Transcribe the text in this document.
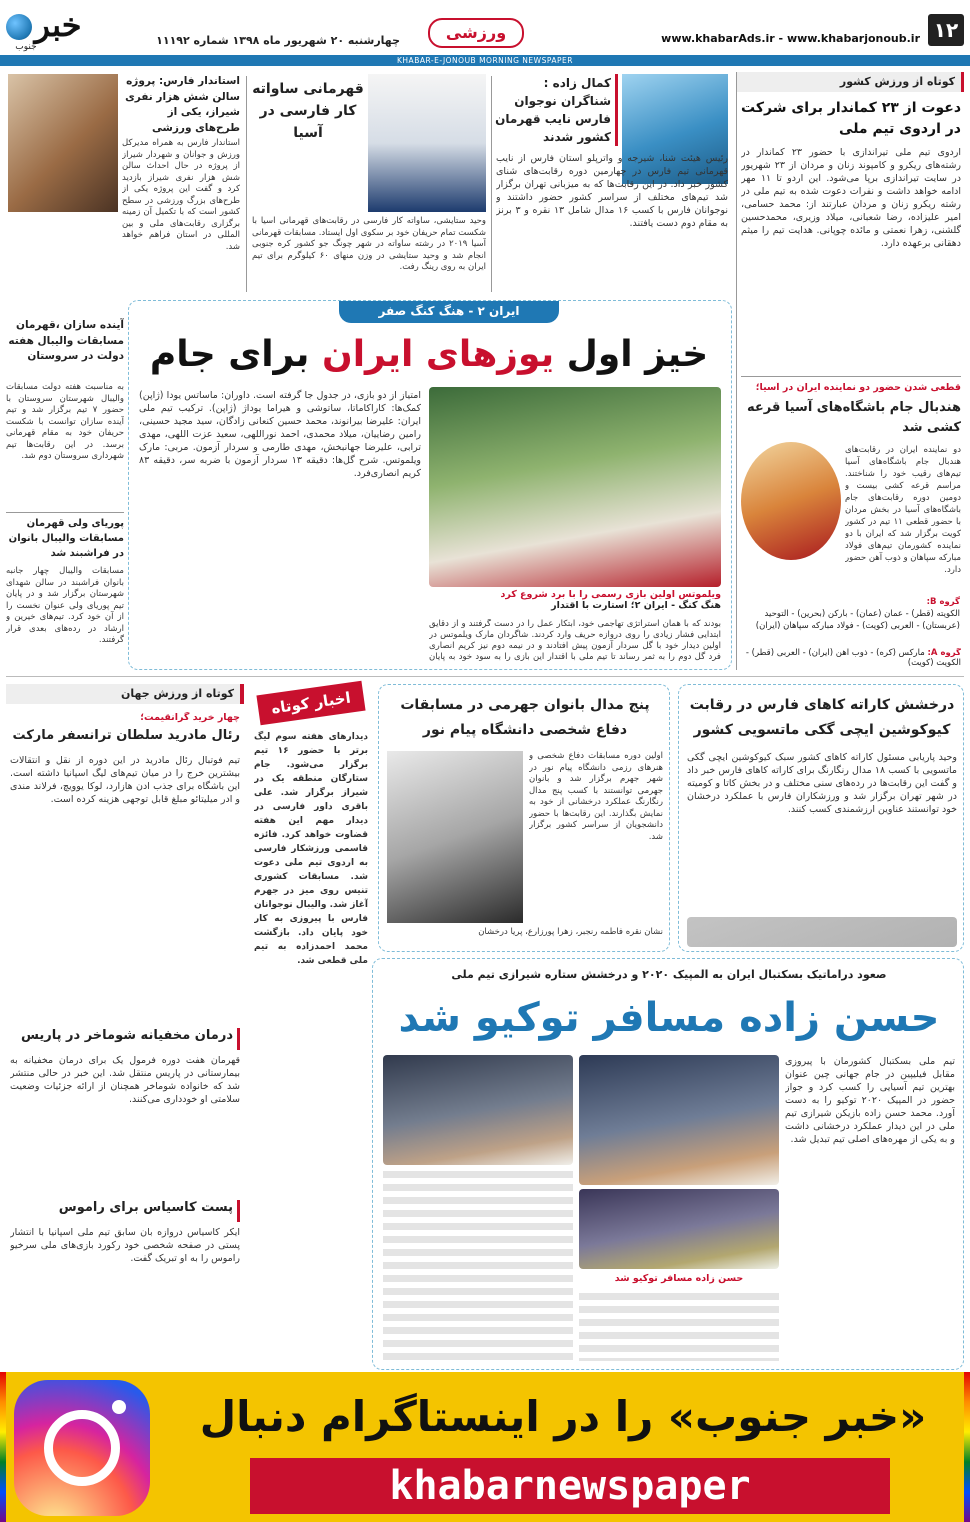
١٢
www.khabarAds.ir - www.khabarjonoub.ir
ورزشی
چهارشنبه ۲۰ شهریور ماه ۱۳۹۸ شماره ۱۱۱۹۲
KHABAR-E-JONOUB MORNING NEWSPAPER
خبر
جنوب
کوتاه از ورزش کشور
دعوت از ۲۳ کماندار برای شرکت در اردوی تیم ملی
اردوی تیم ملی تیراندازی با حضور ۲۳ کماندار در رشته‌های ریکرو و کامپوند زنان و مردان از ۲۳ شهریور در سایت تیراندازی برپا می‌شود. این اردو تا ۱۱ مهر ادامه خواهد داشت و نفرات دعوت شده به تیم ملی در رشته ریکرو زنان و مردان عبارتند از: محمد حسامی، امیر علیزاده، رضا شعبانی، میلاد وزیری، محمدحسین گلشنی، زهرا نعمتی و مائده چوپانی. هدایت تیم را میثم دهقانی برعهده دارد.
قطعی شدن حضور دو نماینده ایران در آسیا؛
هندبال جام باشگاه‌های آسیا قرعه کشی شد
دو نماینده ایران در رقابت‌های هندبال جام باشگاه‌های آسیا تیم‌های رقیب خود را شناختند. مراسم قرعه کشی بیست و دومین دوره رقابت‌های جام باشگاه‌های آسیا در بخش مردان با حضور قطعی ۱۱ تیم در کشور کویت برگزار شد که ایران با دو نماینده کشورمان تیم‌های فولاد مبارکه سپاهان و ذوب آهن حضور دارد.
گروه A: مارکس (کره) - ذوب آهن (ایران) - العربی (قطر) - الکویت (کویت)
گروه B:
الکویته (قطر) - عمان (عمان) - بارکن (بحرین) - التوحید (عربستان) - العربی (کویت) - فولاد مبارکه سپاهان (ایران)
کمال زاده : شناگران نوجوان فارس نایب قهرمان کشور شدند
رئیس هیئت شنا، شیرجه و واترپلو استان فارس از نایب قهرمانی تیم فارس در چهارمین دوره رقابت‌های شنای کشور خبر داد. در این رقابت‌ها که به میزبانی تهران برگزار شد تیم‌های مختلف از سراسر کشور حضور داشتند و نوجوانان فارس با کسب ۱۶ مدال شامل ۱۳ نقره و ۳ برنز به مقام دوم دست یافتند.
قهرمانی ساواته کار فارسی در آسیا
وحید ستایشی، ساواته کار فارسی در رقابت‌های قهرمانی آسیا با شکست تمام حریفان خود بر سکوی اول ایستاد. مسابقات قهرمانی آسیا ۲۰۱۹ در رشته ساواته در شهر چونگ جو کشور کره جنوبی انجام شد و وحید ستایشی در وزن منهای ۶۰ کیلوگرم برای تیم ایران به روی رینگ رفت.
استاندار فارس: پروژه سالن شش هزار نفری شیراز، یکی از طرح‌های ورزشی
استاندار فارس به همراه مدیرکل ورزش و جوانان و شهردار شیراز از پروژه در حال احداث سالن شش هزار نفری شیراز بازدید کرد و گفت این پروژه یکی از طرح‌های بزرگ ورزشی در سطح کشور است که با تکمیل آن زمینه برگزاری رقابت‌های ملی و بین المللی در استان فراهم خواهد شد.
ایران ۲ - هنگ کنگ صفر
خیز اول یوزهای ایران برای جام
ویلموتس اولین بازی رسمی را با برد شروع کرد
هنگ کنگ - ایران ۲؛ استارت با اقتدار
امتیاز از دو بازی، در جدول جا گرفته است. داوران: ماساتس یودا (ژاپن) کمک‌ها: کاراکاماتا، ساتوشی و هیراما یوداژ (ژاپن). ترکیب تیم ملی ایران: علیرضا بیرانوند، محمد حسین کنعانی زادگان، سید مجید حسینی، رامین رضاییان، میلاد محمدی، احمد نوراللهی، سعید عزت اللهی، مهدی ترابی، علیرضا جهانبخش، مهدی طارمی و سردار آزمون. مربی: مارک ویلموتس. شرح گل‌ها: دقیقه ۱۳ سردار آزمون با ضربه سر، دقیقه ۸۳ کریم انصاری‌فرد.
بودند که با همان استراتژی تهاجمی خود، ابتکار عمل را در دست گرفتند و از دقایق ابتدایی فشار زیادی را روی دروازه حریف وارد کردند. شاگردان مارک ویلموتس در اولین دیدار خود با گل سردار آزمون پیش افتادند و در نیمه دوم نیز کریم انصاری فرد گل دوم را به ثمر رساند تا تیم ملی با اقتدار این بازی را به سود خود به پایان
آینده سازان ،قهرمان مسابقات والیبال هفته دولت در سروستان
به مناسبت هفته دولت مسابقات والیبال شهرستان سروستان با حضور ۷ تیم برگزار شد و تیم آینده سازان توانست با شکست حریفان خود به مقام قهرمانی برسد. در این رقابت‌ها تیم شهرداری سروستان دوم شد.
پوریای ولی قهرمان مسابقات والیبال بانوان در فراشبند شد
مسابقات والیبال چهار جانبه بانوان فراشبند در سالن شهدای شهرستان برگزار شد و در پایان تیم پوریای ولی عنوان نخست را از آن خود کرد. تیم‌های خیرین و ارشاد در رده‌های بعدی قرار گرفتند.
درخشش کاراته کاهای فارس در رقابت کیوکوشین ایچی گکی ماتسویی کشور
وحید پاریابی مسئول کاراته کاهای کشور سبک کیوکوشین ایچی گکی ماتسویی با کسب ۱۸ مدال رنگارنگ برای کاراته کاهای فارس خبر داد و گفت این رقابت‌ها در رده‌های سنی مختلف و در بخش کاتا و کومیته در شهر تهران برگزار شد و ورزشکاران فارس با عملکرد درخشان خود توانستند عناوین ارزشمندی کسب کنند.
پنج مدال بانوان جهرمی در مسابقات دفاع شخصی دانشگاه پیام نور
اولین دوره مسابقات دفاع شخصی و هنرهای رزمی دانشگاه پیام نور در شهر جهرم برگزار شد و بانوان جهرمی توانستند با کسب پنج مدال رنگارنگ عملکرد درخشانی از خود به نمایش بگذارند. این رقابت‌ها با حضور دانشجویان از سراسر کشور برگزار شد.
نشان نقره فاطمه رنجبر، زهرا پورزارع، پریا درخشان
اخبار کوتاه
دیدارهای هفته سوم لیگ برتر با حضور ۱۶ تیم برگزار می‌شود. جام ستارگان منطقه یک در شیراز برگزار شد. علی باقری داور فارسی در دیدار مهم این هفته قضاوت خواهد کرد. فائزه قاسمی ورزشکار فارسی به اردوی تیم ملی دعوت شد. مسابقات کشوری تنیس روی میز در جهرم آغاز شد. والیبال نوجوانان فارس با پیروزی به کار خود پایان داد. بازگشت محمد احمدزاده به تیم ملی قطعی شد.
کوتاه از ورزش جهان
چهار خرید گرانقیمت؛
رئال مادرید سلطان ترانسفر مارکت
تیم فوتبال رئال مادرید در این دوره از نقل و انتقالات بیشترین خرج را در میان تیم‌های لیگ اسپانیا داشته است. این باشگاه برای جذب ادن هازارد، لوکا یوویچ، فرلاند مندی و ادر میلیتائو مبلغ قابل توجهی هزینه کرده است.
درمان مخفیانه شوماخر در پاریس
قهرمان هفت دوره فرمول یک برای درمان مخفیانه به بیمارستانی در پاریس منتقل شد. این خبر در حالی منتشر شد که خانواده شوماخر همچنان از ارائه جزئیات وضعیت سلامتی او خودداری می‌کنند.
پست کاسیاس برای راموس
ایکر کاسیاس دروازه بان سابق تیم ملی اسپانیا با انتشار پستی در صفحه شخصی خود رکورد بازی‌های ملی سرخیو راموس را به او تبریک گفت.
صعود دراماتیک بسکتبال ایران به المپیک ۲۰۲۰ و درخشش ستاره شیرازی تیم ملی
حسن زاده مسافر توکیو شد
تیم ملی بسکتبال کشورمان با پیروزی مقابل فیلیپین در جام جهانی چین عنوان بهترین تیم آسیایی را کسب کرد و جواز حضور در المپیک ۲۰۲۰ توکیو را به دست آورد. محمد حسن زاده بازیکن شیرازی تیم ملی در این دیدار عملکرد درخشانی داشت و به یکی از مهره‌های اصلی تیم تبدیل شد.
حسن زاده مسافر توکیو شد
«خبر جنوب» را در اینستاگرام دنبال
khabarnewspaper
